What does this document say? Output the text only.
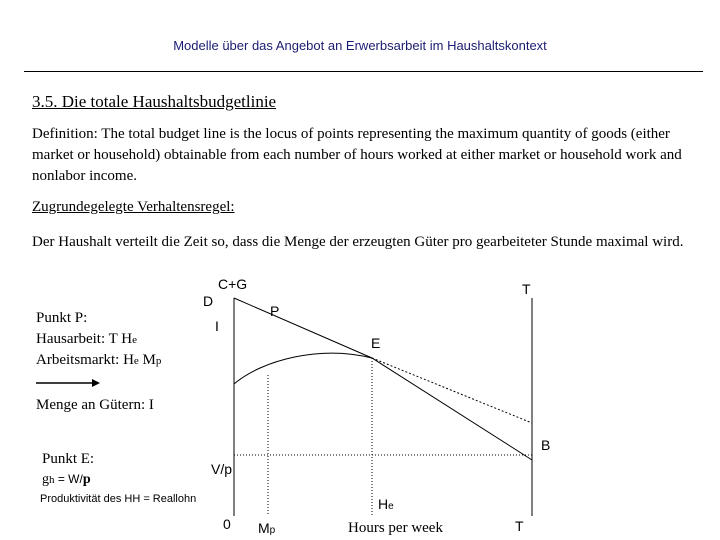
Modelle über das Angebot an Erwerbsarbeit im Haushaltskontext
3.5. Die totale Haushaltsbudgetlinie
Definition: The total budget line is the locus of points representing the maximum quantity of goods (either market or household) obtainable from each number of hours worked at either market or household work and nonlabor income.
Zugrundegelegte Verhaltensregel:
Der Haushalt verteilt die Zeit so, dass die Menge der erzeugten Güter pro gearbeiteter Stunde maximal wird.
Punkt P:
Hausarbeit: T He
Arbeitsmarkt: He Mp
Menge an Gütern: I
Punkt E:
gh = W/p
Produktivität des HH = Reallohn
C+G
D
I
P
E
B
T
V/p
0 Mp
He
Hours per week	T
